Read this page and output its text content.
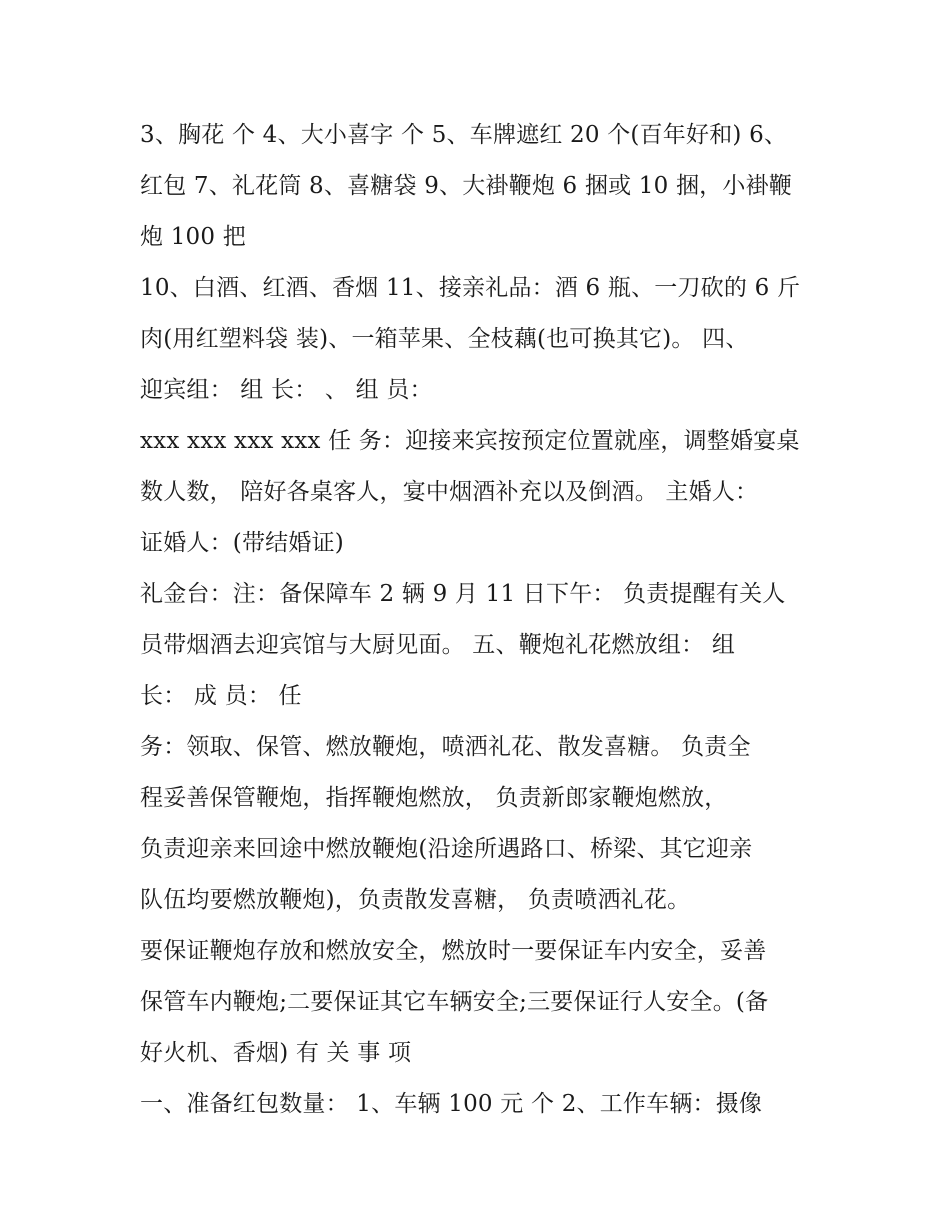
3、胸花 个 4、大小喜字 个 5、车牌遮红 20 个(百年好和) 6、
红包 7、礼花筒 8、喜糖袋 9、大褂鞭炮 6 捆或 10 捆，小褂鞭
炮 100 把
10、白酒、红酒、香烟 11、接亲礼品：酒 6 瓶、一刀砍的 6 斤
肉(用红塑料袋 装)、一箱苹果、全枝藕(也可换其它)。 四、
迎宾组： 组 长： 、 组 员：
xxx xxx xxx xxx 任 务：迎接来宾按预定位置就座，调整婚宴桌
数人数， 陪好各桌客人，宴中烟酒补充以及倒酒。 主婚人：
证婚人：(带结婚证)
礼金台：注：备保障车 2 辆 9 月 11 日下午： 负责提醒有关人
员带烟酒去迎宾馆与大厨见面。 五、鞭炮礼花燃放组： 组
长： 成 员： 任
务：领取、保管、燃放鞭炮，喷洒礼花、散发喜糖。 负责全
程妥善保管鞭炮，指挥鞭炮燃放， 负责新郎家鞭炮燃放，
负责迎亲来回途中燃放鞭炮(沿途所遇路口、桥梁、其它迎亲
队伍均要燃放鞭炮)，负责散发喜糖， 负责喷洒礼花。
要保证鞭炮存放和燃放安全，燃放时一要保证车内安全，妥善
保管车内鞭炮;二要保证其它车辆安全;三要保证行人安全。(备
好火机、香烟) 有 关 事 项
一、准备红包数量： 1、车辆 100 元 个 2、工作车辆：摄像
